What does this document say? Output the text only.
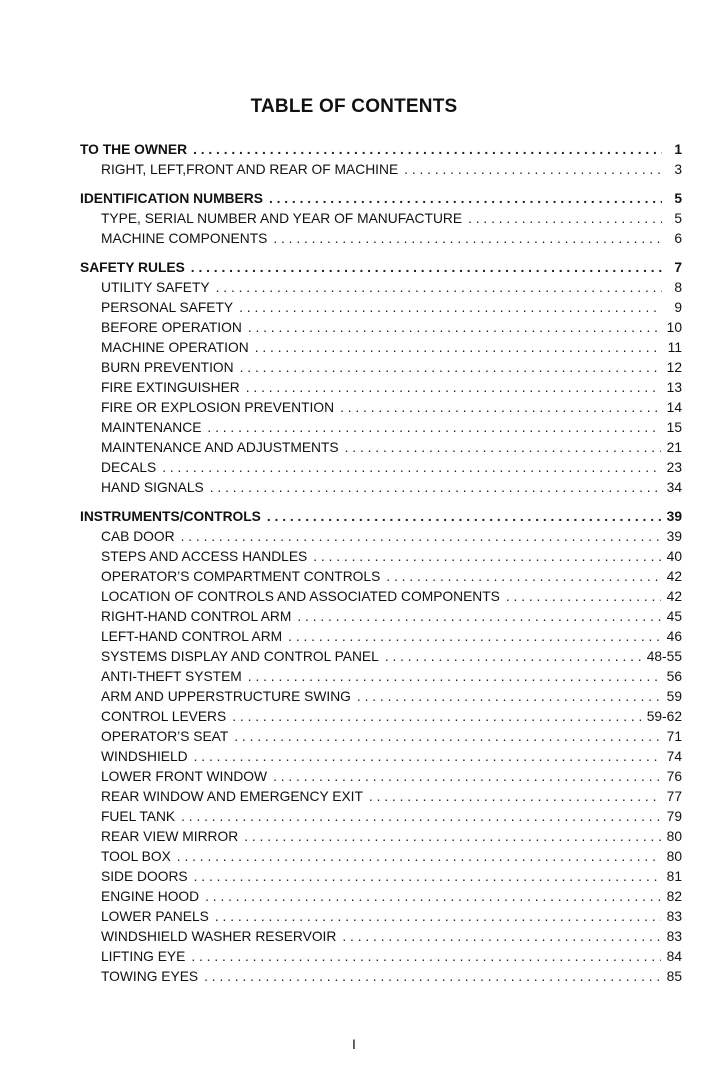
TABLE OF CONTENTS
TO THE OWNER . . .	1
RIGHT, LEFT,FRONT AND REAR OF MACHINE . . .	3
IDENTIFICATION NUMBERS . . .	5
TYPE, SERIAL NUMBER AND YEAR OF MANUFACTURE . . .	5
MACHINE COMPONENTS . . .	6
SAFETY RULES . . .	7
UTILITY SAFETY . . .	8
PERSONAL SAFETY . . .	9
BEFORE OPERATION . . .	10
MACHINE OPERATION . . .	11
BURN PREVENTION . . .	12
FIRE EXTINGUISHER . . .	13
FIRE OR EXPLOSION PREVENTION . . .	14
MAINTENANCE . . .	15
MAINTENANCE AND ADJUSTMENTS . . .	21
DECALS . . .	23
HAND SIGNALS . . .	34
INSTRUMENTS/CONTROLS . . .	39
CAB DOOR . . .	39
STEPS AND ACCESS HANDLES . . .	40
OPERATOR’S COMPARTMENT CONTROLS . . .	42
LOCATION OF CONTROLS AND ASSOCIATED COMPONENTS . . .	42
RIGHT-HAND CONTROL ARM . . .	45
LEFT-HAND CONTROL ARM . . .	46
SYSTEMS DISPLAY AND CONTROL PANEL . . .	48-55
ANTI-THEFT SYSTEM . . .	56
ARM AND UPPERSTRUCTURE SWING . . .	59
CONTROL LEVERS . . .	59-62
OPERATOR’S SEAT . . .	71
WINDSHIELD . . .	74
LOWER FRONT WINDOW . . .	76
REAR WINDOW AND EMERGENCY EXIT . . .	77
FUEL TANK . . .	79
REAR VIEW MIRROR . . .	80
TOOL BOX . . .	80
SIDE DOORS . . .	81
ENGINE HOOD . . .	82
LOWER PANELS . . .	83
WINDSHIELD WASHER RESERVOIR . . .	83
LIFTING EYE . . .	84
TOWING EYES . . .	85
I
